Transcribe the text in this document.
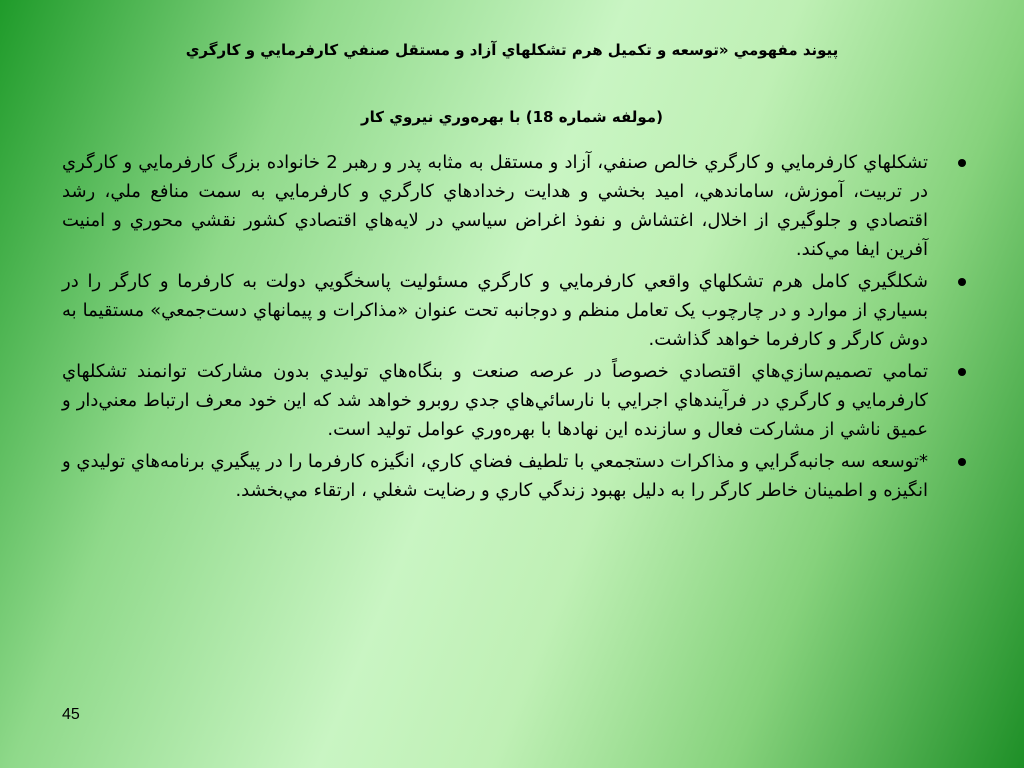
پيوند مفهومي «توسعه و تكميل هرم تشكلهاي آزاد و مستقل صنفي كارفرمايي و كارگري
(مولفه شماره 18) با بهره‌وري نيروي كار
تشكلهاي كارفرمايي و كارگري خالص صنفي، آزاد و مستقل به مثابه پدر و رهبر 2 خانواده بزرگ كارفرمايي و كارگري در تربيت، آموزش، ساماندهي، اميد بخشي و هدايت رخدادهاي كارگري و كارفرمايي به سمت منافع ملي، رشد اقتصادي و جلوگيري از اخلال، اغتشاش و نفوذ اغراض سياسي در لايه‌هاي اقتصادي كشور نقشي محوري و امنيت آفرين ايفا مي‌كند.
شكلگيري كامل هرم تشكلهاي واقعي كارفرمايي و كارگري مسئوليت پاسخگويي دولت به كارفرما و كارگر را در بسياري از موارد و در چارچوب يک تعامل منظم و دوجانبه تحت عنوان «مذاكرات و پيمانهاي دست‌جمعي» مستقيما به دوش كارگر و كارفرما خواهد گذاشت.
تمامي تصميم‌سازي‌هاي اقتصادي خصوصاً در عرصه صنعت و بنگاه‌هاي توليدي بدون مشاركت توانمند تشكلهاي كارفرمايي و كارگري در فرآيندهاي اجرايي با نارسائي‌هاي جدي روبرو خواهد شد كه اين خود معرف ارتباط معني‌دار و عميق ناشي از مشاركت فعال و سازنده اين نهادها با بهره‌وري عوامل توليد است.
*توسعه سه جانبه‌گرايي و مذاكرات دستجمعي با تلطيف فضاي كاري، انگيزه كارفرما را در پيگيري برنامه‌هاي توليدي و انگيزه و اطمينان خاطر كارگر را به دليل بهبود زندگي كاري و رضايت شغلي ، ارتقاء مي‌بخشد.
45
